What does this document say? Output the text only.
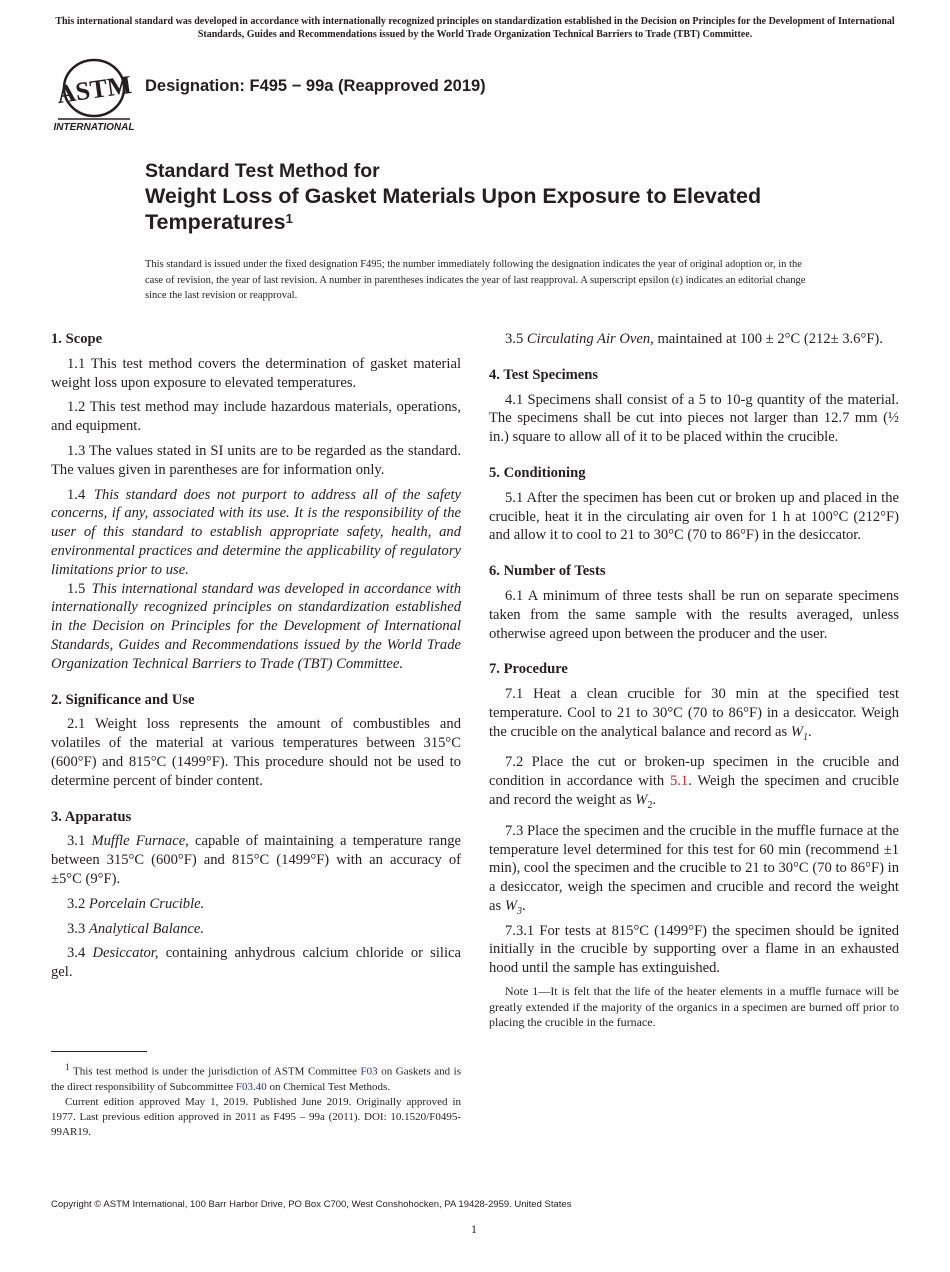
This international standard was developed in accordance with internationally recognized principles on standardization established in the Decision on Principles for the Development of International Standards, Guides and Recommendations issued by the World Trade Organization Technical Barriers to Trade (TBT) Committee.
ASTM
INTERNATIONAL
Designation: F495 − 99a (Reapproved 2019)
Standard Test Method for
Weight Loss of Gasket Materials Upon Exposure to Elevated Temperatures$^1$
This standard is issued under the fixed designation F495; the number immediately following the designation indicates the year of original adoption or, in the case of revision, the year of last revision. A number in parentheses indicates the year of last reapproval. A superscript epsilon (ε) indicates an editorial change since the last revision or reapproval.
1. Scope

1.1 This test method covers the determination of gasket material weight loss upon exposure to elevated temperatures.

1.2 This test method may include hazardous materials, operations, and equipment.

1.3 The values stated in SI units are to be regarded as the standard. The values given in parentheses are for information only.

1.4 This standard does not purport to address all of the safety concerns, if any, associated with its use. It is the responsibility of the user of this standard to establish appropriate safety, health, and environmental practices and determine the applicability of regulatory limitations prior to use.

1.5 This international standard was developed in accordance with internationally recognized principles on standardization established in the Decision on Principles for the Development of International Standards, Guides and Recommendations issued by the World Trade Organization Technical Barriers to Trade (TBT) Committee.

2. Significance and Use

2.1 Weight loss represents the amount of combustibles and volatiles of the material at various temperatures between 315°C (600°F) and 815°C (1499°F). This procedure should not be used to determine percent of binder content.

3. Apparatus

3.1 Muffle Furnace, capable of maintaining a temperature range between 315°C (600°F) and 815°C (1499°F) with an accuracy of ±5°C (9°F).

3.2 Porcelain Crucible.

3.3 Analytical Balance.

3.4 Desiccator, containing anhydrous calcium chloride or silica gel.

3.5 Circulating Air Oven, maintained at 100 ± 2°C (212± 3.6°F).

4. Test Specimens

4.1 Specimens shall consist of a 5 to 10-g quantity of the material. The specimens shall be cut into pieces not larger than 12.7 mm (½ in.) square to allow all of it to be placed within the crucible.

5. Conditioning

5.1 After the specimen has been cut or broken up and placed in the crucible, heat it in the circulating air oven for 1 h at 100°C (212°F) and allow it to cool to 21 to 30°C (70 to 86°F) in the desiccator.

6. Number of Tests

6.1 A minimum of three tests shall be run on separate specimens taken from the same sample with the results averaged, unless otherwise agreed upon between the producer and the user.

7. Procedure

7.1 Heat a clean crucible for 30 min at the specified test temperature. Cool to 21 to 30°C (70 to 86°F) in a desiccator. Weigh the crucible on the analytical balance and record as $W_1$.

7.2 Place the cut or broken-up specimen in the crucible and condition in accordance with 5.1. Weigh the specimen and crucible and record the weight as $W_2$.

7.3 Place the specimen and the crucible in the muffle furnace at the temperature level determined for this test for 60 min (recommend ±1 min), cool the specimen and the crucible to 21 to 30°C (70 to 86°F) in a desiccator, weigh the specimen and crucible and record the weight as $W_3$.

7.3.1 For tests at 815°C (1499°F) the specimen should be ignited initially in the crucible by supporting over a flame in an exhausted hood until the sample has extinguished.

Note 1—It is felt that the life of the heater elements in a muffle furnace will be greatly extended if the majority of the organics in a specimen are burned off prior to placing the crucible in the furnace.

$^1$ This test method is under the jurisdiction of ASTM Committee F03 on Gaskets and is the direct responsibility of Subcommittee F03.40 on Chemical Test Methods.

Current edition approved May 1, 2019. Published June 2019. Originally approved in 1977. Last previous edition approved in 2011 as F495 – 99a (2011). DOI: 10.1520/F0495-99AR19.

Copyright © ASTM International, 100 Barr Harbor Drive, PO Box C700, West Conshohocken, PA 19428-2959. United States
1
